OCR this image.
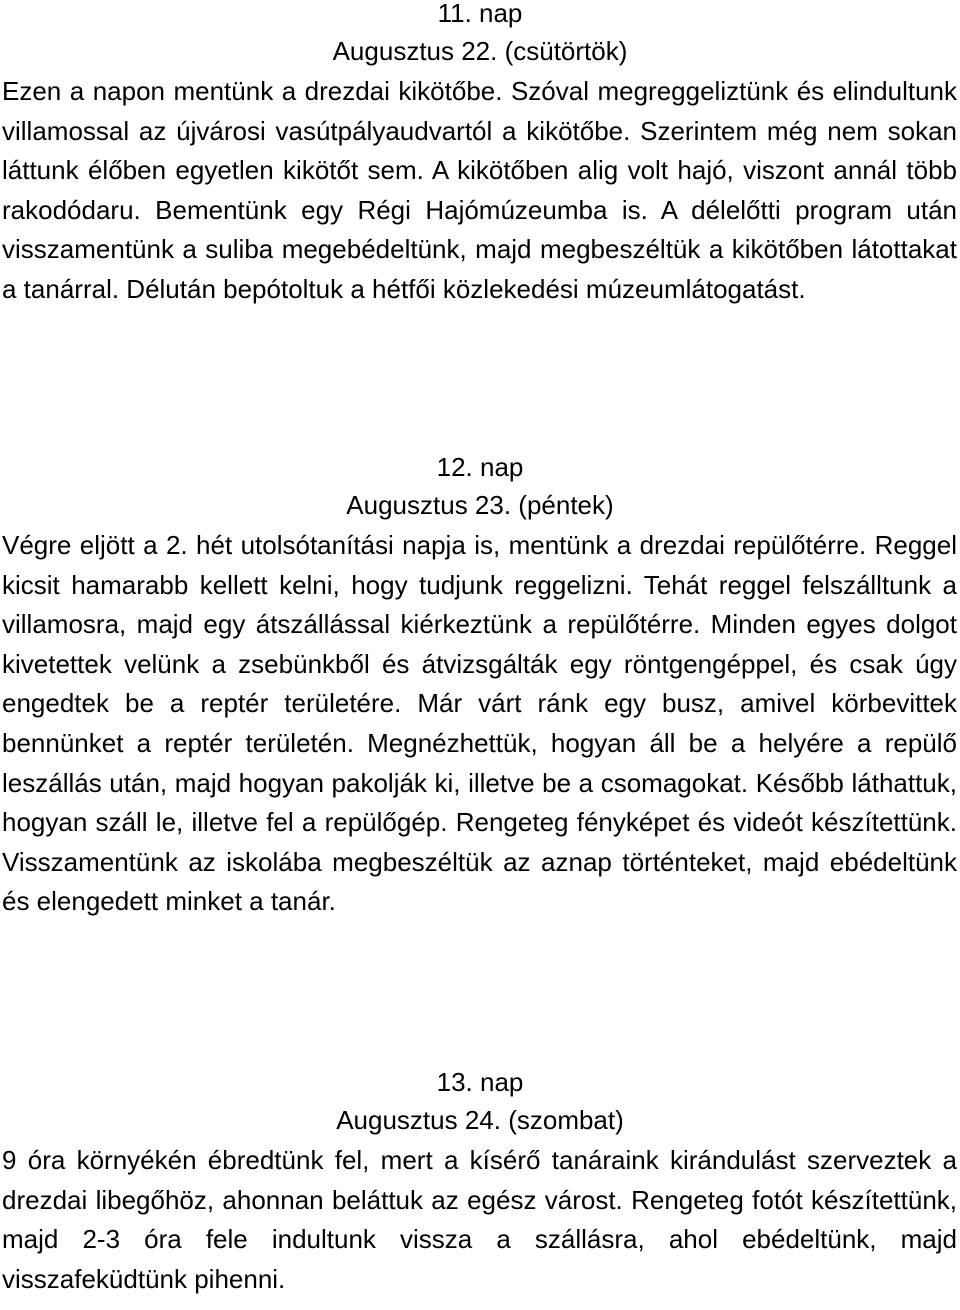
11. nap
Augusztus 22. (csütörtök)

Ezen a napon mentünk a drezdai kikötőbe. Szóval megreggeliztünk és elindultunk villamossal az újvárosi vasútpályaudvartól a kikötőbe. Szerintem még nem sokan láttunk élőben egyetlen kikötőt sem. A kikötőben alig volt hajó, viszont annál több rakodódaru. Bementünk egy Régi Hajómúzeumba is. A délelőtti program után visszamentünk a suliba megebédeltünk, majd megbeszéltük a kikötőben látottakat a tanárral. Délután bepótoltuk a hétfői közlekedési múzeumlátogatást.

12. nap
Augusztus 23. (péntek)

Végre eljött a 2. hét utolsótanítási napja is, mentünk a drezdai repülőtérre. Reggel kicsit hamarabb kellett kelni, hogy tudjunk reggelizni. Tehát reggel felszálltunk a villamosra, majd egy átszállással kiérkeztünk a repülőtérre. Minden egyes dolgot kivetettek velünk a zsebünkből és átvizsgálták egy röntgengéppel, és csak úgy engedtek be a reptér területére. Már várt ránk egy busz, amivel körbevittek bennünket a reptér területén. Megnézhettük, hogyan áll be a helyére a repülő leszállás után, majd hogyan pakolják ki, illetve be a csomagokat. Később láthattuk, hogyan száll le, illetve fel a repülőgép. Rengeteg fényképet és videót készítettünk. Visszamentünk az iskolába megbeszéltük az aznap történteket, majd ebédeltünk és elengedett minket a tanár.

13. nap
Augusztus 24. (szombat)

9 óra környékén ébredtünk fel, mert a kísérő tanáraink kirándulást szerveztek a drezdai libegőhöz, ahonnan beláttuk az egész várost. Rengeteg fotót készítettünk, majd 2-3 óra fele indultunk vissza a szállásra, ahol ebédeltünk, majd visszafeküdtünk pihenni.
